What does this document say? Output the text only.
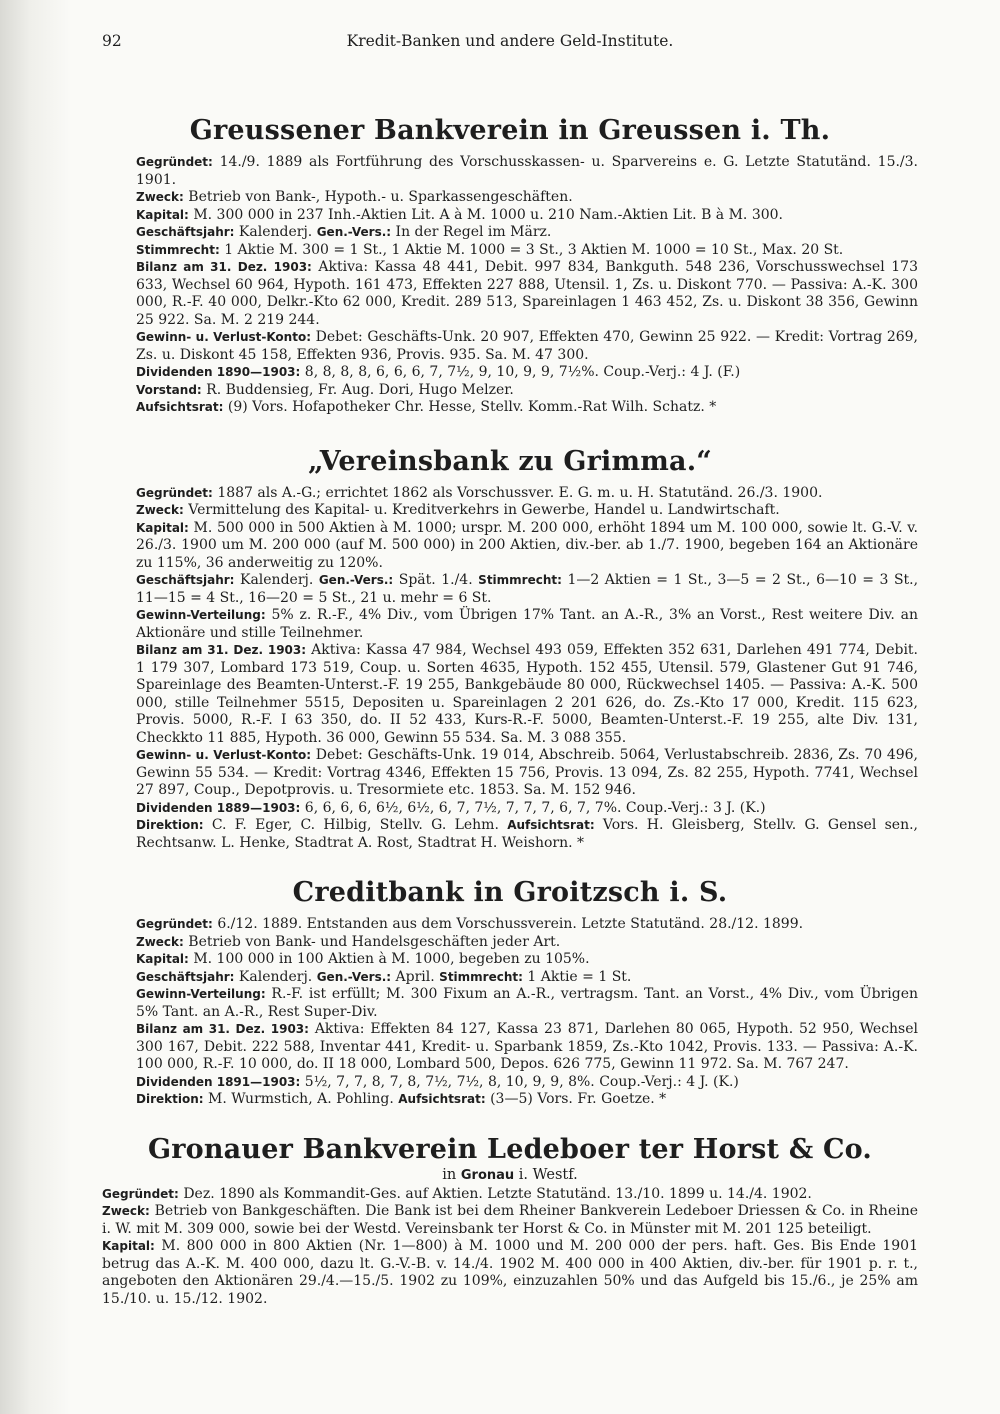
92	Kredit-Banken und andere Geld-Institute.
Greussener Bankverein in Greussen i. Th.

Gegründet: 14./9. 1889 als Fortführung des Vorschusskassen- u. Sparvereins e. G. Letzte Statutänd. 15./3. 1901.

Zweck: Betrieb von Bank-, Hypoth.- u. Sparkassengeschäften.

Kapital: M. 300 000 in 237 Inh.-Aktien Lit. A à M. 1000 u. 210 Nam.-Aktien Lit. B à M. 300.

Geschäftsjahr: Kalenderj. Gen.-Vers.: In der Regel im März.

Stimmrecht: 1 Aktie M. 300 = 1 St., 1 Aktie M. 1000 = 3 St., 3 Aktien M. 1000 = 10 St., Max. 20 St.

Bilanz am 31. Dez. 1903: Aktiva: Kassa 48 441, Debit. 997 834, Bankguth. 548 236, Vorschusswechsel 173 633, Wechsel 60 964, Hypoth. 161 473, Effekten 227 888, Utensil. 1, Zs. u. Diskont 770. — Passiva: A.-K. 300 000, R.-F. 40 000, Delkr.-Kto 62 000, Kredit. 289 513, Spareinlagen 1 463 452, Zs. u. Diskont 38 356, Gewinn 25 922. Sa. M. 2 219 244.

Gewinn- u. Verlust-Konto: Debet: Geschäfts-Unk. 20 907, Effekten 470, Gewinn 25 922. — Kredit: Vortrag 269, Zs. u. Diskont 45 158, Effekten 936, Provis. 935. Sa. M. 47 300.

Dividenden 1890—1903: 8, 8, 8, 8, 6, 6, 6, 7, 7½, 9, 10, 9, 9, 7½%. Coup.-Verj.: 4 J. (F.)

Vorstand: R. Buddensieg, Fr. Aug. Dori, Hugo Melzer.

Aufsichtsrat: (9) Vors. Hofapotheker Chr. Hesse, Stellv. Komm.-Rat Wilh. Schatz. *

„Vereinsbank zu Grimma.“

Gegründet: 1887 als A.-G.; errichtet 1862 als Vorschussver. E. G. m. u. H. Statutänd. 26./3. 1900.

Zweck: Vermittelung des Kapital- u. Kreditverkehrs in Gewerbe, Handel u. Landwirtschaft.

Kapital: M. 500 000 in 500 Aktien à M. 1000; urspr. M. 200 000, erhöht 1894 um M. 100 000, sowie lt. G.-V. v. 26./3. 1900 um M. 200 000 (auf M. 500 000) in 200 Aktien, div.-ber. ab 1./7. 1900, begeben 164 an Aktionäre zu 115%, 36 anderweitig zu 120%.

Geschäftsjahr: Kalenderj. Gen.-Vers.: Spät. 1./4. Stimmrecht: 1—2 Aktien = 1 St., 3—5 = 2 St., 6—10 = 3 St., 11—15 = 4 St., 16—20 = 5 St., 21 u. mehr = 6 St.

Gewinn-Verteilung: 5% z. R.-F., 4% Div., vom Übrigen 17% Tant. an A.-R., 3% an Vorst., Rest weitere Div. an Aktionäre und stille Teilnehmer.

Bilanz am 31. Dez. 1903: Aktiva: Kassa 47 984, Wechsel 493 059, Effekten 352 631, Darlehen 491 774, Debit. 1 179 307, Lombard 173 519, Coup. u. Sorten 4635, Hypoth. 152 455, Utensil. 579, Glastener Gut 91 746, Spareinlage des Beamten-Unterst.-F. 19 255, Bankgebäude 80 000, Rückwechsel 1405. — Passiva: A.-K. 500 000, stille Teilnehmer 5515, Depositen u. Spareinlagen 2 201 626, do. Zs.-Kto 17 000, Kredit. 115 623, Provis. 5000, R.-F. I 63 350, do. II 52 433, Kurs-R.-F. 5000, Beamten-Unterst.-F. 19 255, alte Div. 131, Checkkto 11 885, Hypoth. 36 000, Gewinn 55 534. Sa. M. 3 088 355.

Gewinn- u. Verlust-Konto: Debet: Geschäfts-Unk. 19 014, Abschreib. 5064, Verlustabschreib. 2836, Zs. 70 496, Gewinn 55 534. — Kredit: Vortrag 4346, Effekten 15 756, Provis. 13 094, Zs. 82 255, Hypoth. 7741, Wechsel 27 897, Coup., Depotprovis. u. Tresormiete etc. 1853. Sa. M. 152 946.

Dividenden 1889—1903: 6, 6, 6, 6, 6½, 6½, 6, 7, 7½, 7, 7, 7, 6, 7, 7%. Coup.-Verj.: 3 J. (K.)

Direktion: C. F. Eger, C. Hilbig, Stellv. G. Lehm. Aufsichtsrat: Vors. H. Gleisberg, Stellv. G. Gensel sen., Rechtsanw. L. Henke, Stadtrat A. Rost, Stadtrat H. Weishorn. *

Creditbank in Groitzsch i. S.

Gegründet: 6./12. 1889. Entstanden aus dem Vorschussverein. Letzte Statutänd. 28./12. 1899.

Zweck: Betrieb von Bank- und Handelsgeschäften jeder Art.

Kapital: M. 100 000 in 100 Aktien à M. 1000, begeben zu 105%.

Geschäftsjahr: Kalenderj. Gen.-Vers.: April. Stimmrecht: 1 Aktie = 1 St.

Gewinn-Verteilung: R.-F. ist erfüllt; M. 300 Fixum an A.-R., vertragsm. Tant. an Vorst., 4% Div., vom Übrigen 5% Tant. an A.-R., Rest Super-Div.

Bilanz am 31. Dez. 1903: Aktiva: Effekten 84 127, Kassa 23 871, Darlehen 80 065, Hypoth. 52 950, Wechsel 300 167, Debit. 222 588, Inventar 441, Kredit- u. Sparbank 1859, Zs.-Kto 1042, Provis. 133. — Passiva: A.-K. 100 000, R.-F. 10 000, do. II 18 000, Lombard 500, Depos. 626 775, Gewinn 11 972. Sa. M. 767 247.

Dividenden 1891—1903: 5½, 7, 7, 8, 7, 8, 7½, 7½, 8, 10, 9, 9, 8%. Coup.-Verj.: 4 J. (K.)

Direktion: M. Wurmstich, A. Pohling. Aufsichtsrat: (3—5) Vors. Fr. Goetze. *

Gronauer Bankverein Ledeboer ter Horst & Co.

in Gronau i. Westf.

Gegründet: Dez. 1890 als Kommandit-Ges. auf Aktien. Letzte Statutänd. 13./10. 1899 u. 14./4. 1902.

Zweck: Betrieb von Bankgeschäften. Die Bank ist bei dem Rheiner Bankverein Ledeboer Driessen & Co. in Rheine i. W. mit M. 309 000, sowie bei der Westd. Vereinsbank ter Horst & Co. in Münster mit M. 201 125 beteiligt.

Kapital: M. 800 000 in 800 Aktien (Nr. 1—800) à M. 1000 und M. 200 000 der pers. haft. Ges. Bis Ende 1901 betrug das A.-K. M. 400 000, dazu lt. G.-V.-B. v. 14./4. 1902 M. 400 000 in 400 Aktien, div.-ber. für 1901 p. r. t., angeboten den Aktionären 29./4.—15./5. 1902 zu 109%, einzuzahlen 50% und das Aufgeld bis 15./6., je 25% am 15./10. u. 15./12. 1902.
